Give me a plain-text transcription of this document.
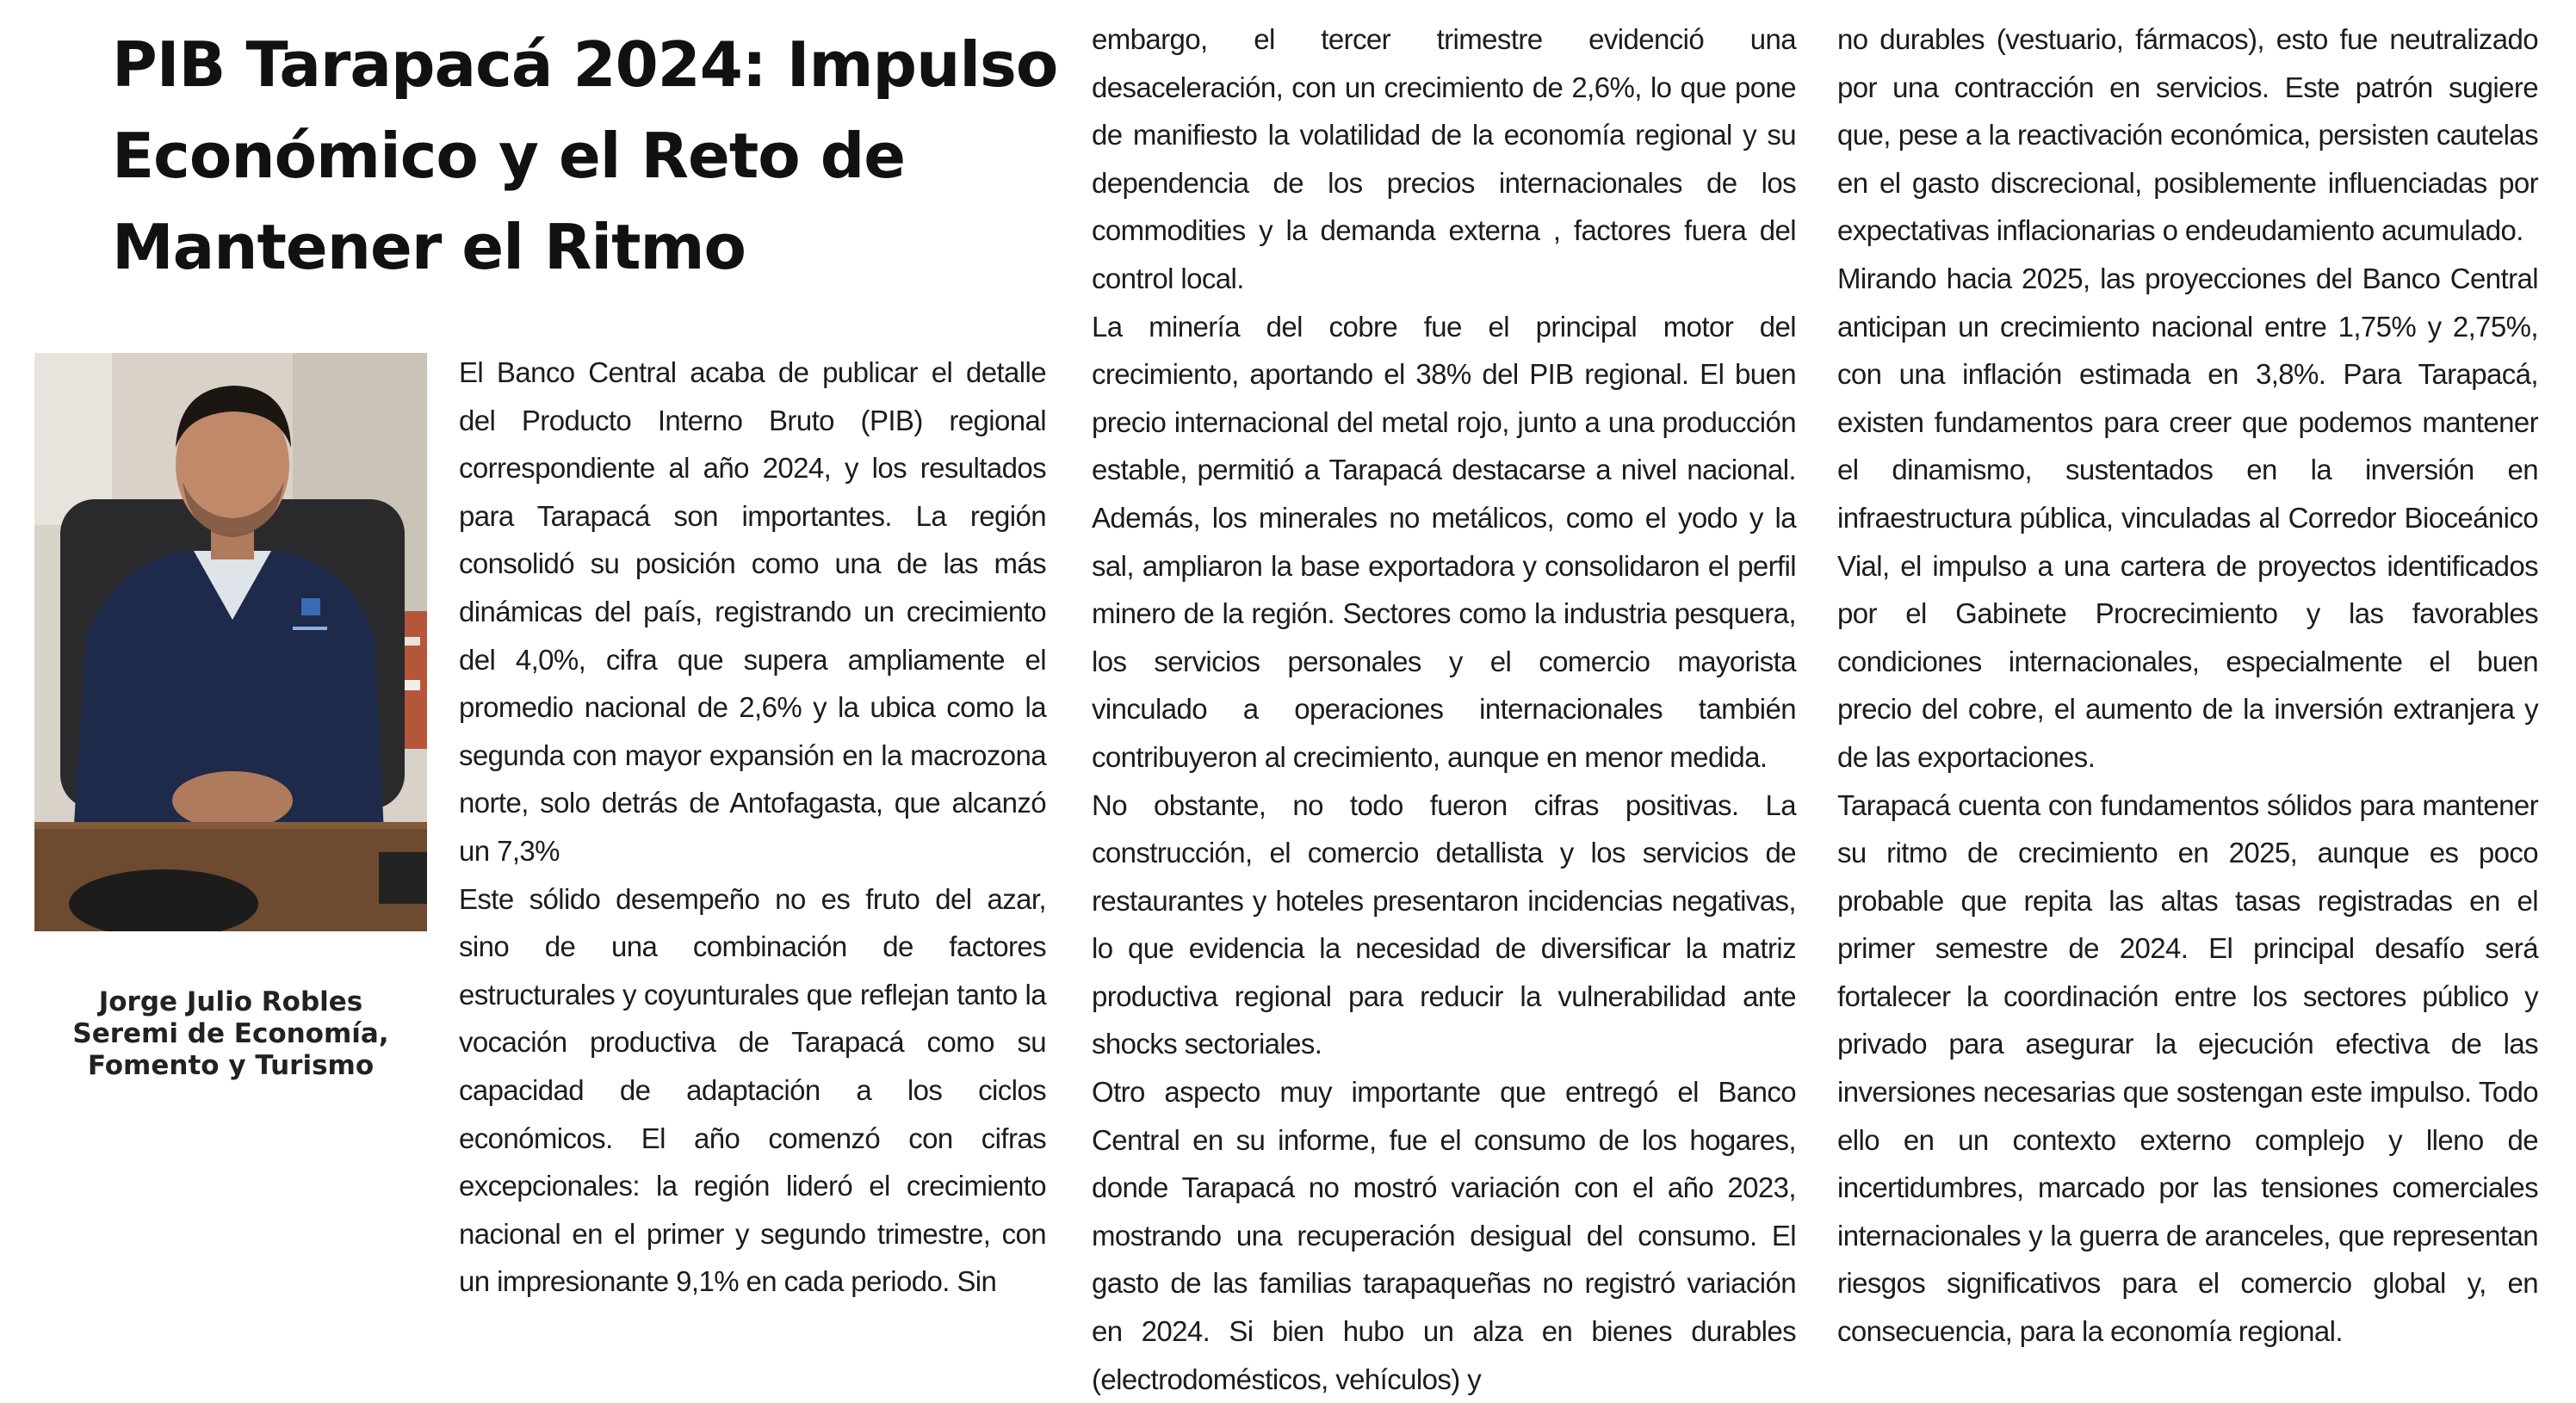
PIB Tarapacá 2024: Impulso Económico y el Reto de Mantener el Ritmo
Jorge Julio Robles
Seremi de Economía,
Fomento y Turismo

El Banco Central acaba de publicar el detalle del Producto Interno Bruto (PIB) regional correspondiente al año 2024, y los resultados para Tarapacá son importantes. La región consolidó su posición como una de las más dinámicas del país, registrando un crecimiento del 4,0%, cifra que supera ampliamente el promedio nacional de 2,6% y la ubica como la segunda con mayor expansión en la macrozona norte, solo detrás de Antofagasta, que alcanzó un 7,3%

Este sólido desempeño no es fruto del azar, sino de una combinación de factores estructurales y coyunturales que reflejan tanto la vocación productiva de Tarapacá como su capacidad de adaptación a los ciclos económicos. El año comenzó con cifras excepcionales: la región lideró el crecimiento nacional en el primer y segundo trimestre, con un impresionante 9,1% en cada periodo. Sin

embargo, el tercer trimestre evidenció una desaceleración, con un crecimiento de 2,6%, lo que pone de manifiesto la volatilidad de la economía regional y su dependencia de los precios internacionales de los commodities y la demanda externa , factores fuera del control local.

La minería del cobre fue el principal motor del crecimiento, aportando el 38% del PIB regional. El buen precio internacional del metal rojo, junto a una producción estable, permitió a Tarapacá destacarse a nivel nacional. Además, los minerales no metálicos, como el yodo y la sal, ampliaron la base exportadora y consolidaron el perfil minero de la región. Sectores como la industria pesquera, los servicios personales y el comercio mayorista vinculado a operaciones internacionales también contribuyeron al crecimiento, aunque en menor medida.

No obstante, no todo fueron cifras positivas. La construcción, el comercio detallista y los servicios de restaurantes y hoteles presentaron incidencias negativas, lo que evidencia la necesidad de diversificar la matriz productiva regional para reducir la vulnerabilidad ante shocks sectoriales.

Otro aspecto muy importante que entregó el Banco Central en su informe, fue el consumo de los hogares, donde Tarapacá no mostró variación con el año 2023, mostrando una recuperación desigual del consumo. El gasto de las familias tarapaqueñas no registró variación en 2024. Si bien hubo un alza en bienes durables (electrodomésticos, vehículos) y

no durables (vestuario, fármacos), esto fue neutralizado por una contracción en servicios. Este patrón sugiere que, pese a la reactivación económica, persisten cautelas en el gasto discrecional, posiblemente influenciadas por expectativas inflacionarias o endeudamiento acumulado.

Mirando hacia 2025, las proyecciones del Banco Central anticipan un crecimiento nacional entre 1,75% y 2,75%, con una inflación estimada en 3,8%. Para Tarapacá, existen fundamentos para creer que podemos mantener el dinamismo, sustentados en la inversión en infraestructura pública, vinculadas al Corredor Bioceánico Vial, el impulso a una cartera de proyectos identificados por el Gabinete Procrecimiento y las favorables condiciones internacionales, especialmente el buen precio del cobre, el aumento de la inversión extranjera y de las exportaciones.

Tarapacá cuenta con fundamentos sólidos para mantener su ritmo de crecimiento en 2025, aunque es poco probable que repita las altas tasas registradas en el primer semestre de 2024. El principal desafío será fortalecer la coordinación entre los sectores público y privado para asegurar la ejecución efectiva de las inversiones necesarias que sostengan este impulso. Todo ello en un contexto externo complejo y lleno de incertidumbres, marcado por las tensiones comerciales internacionales y la guerra de aranceles, que representan riesgos significativos para el comercio global y, en consecuencia, para la economía regional.
